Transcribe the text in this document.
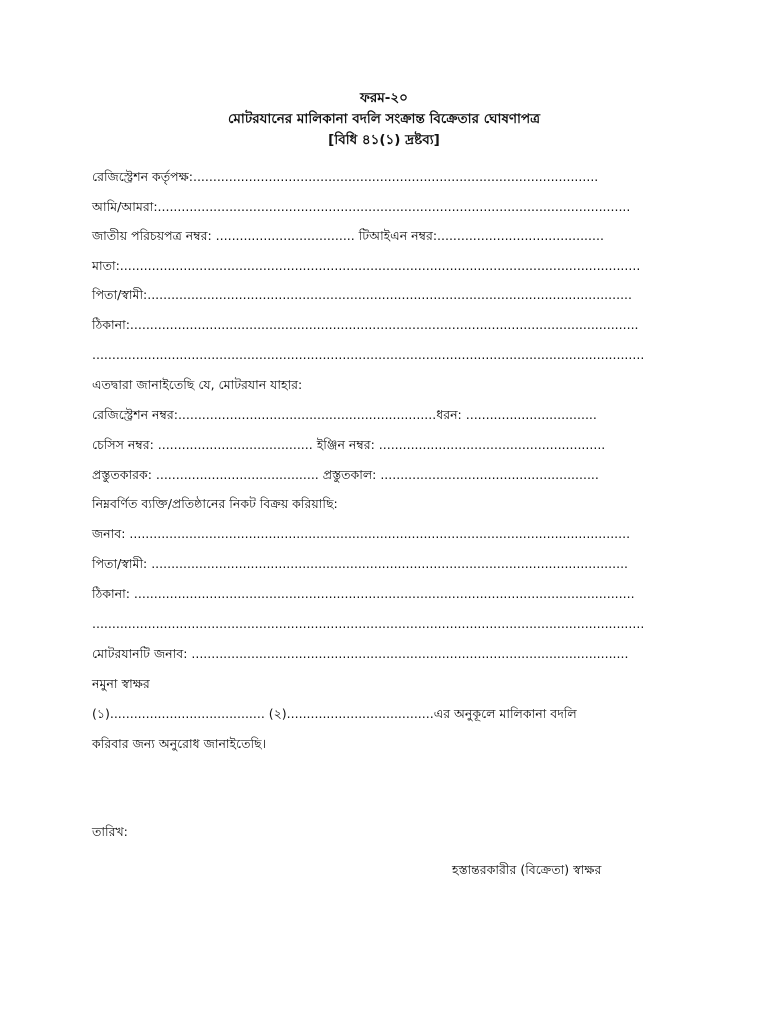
ফরম-২০
মোটরযানের মালিকানা বদলি সংক্রান্ত বিক্রেতার ঘোষণাপত্র
[বিধি ৪১(১) দ্রষ্টব্য]
রেজিস্ট্রেশন কর্তৃপক্ষ:......................................................................................................
আমি/আমরা:.......................................................................................................................
জাতীয় পরিচয়পত্র নম্বর: ................................... টিআইএন নম্বর:..........................................
মাতা:...................................................................................................................................
পিতা/স্বামী:..........................................................................................................................
ঠিকানা:................................................................................................................................
...........................................................................................................................................
এতদ্বারা জানাইতেছি যে, মোটরযান যাহার:
রেজিস্ট্রেশন নম্বর:.................................................................ধরন: .................................
চেসিস নম্বর: ....................................... ইঞ্জিন নম্বর: .........................................................
প্রস্তুতকারক: ......................................... প্রস্তুতকাল: .......................................................
নিম্নবর্ণিত ব্যক্তি/প্রতিষ্ঠানের নিকট বিক্রয় করিয়াছি:
জনাব: ..............................................................................................................................
পিতা/স্বামী: ........................................................................................................................
ঠিকানা: ..............................................................................................................................
...........................................................................................................................................
মোটরযানটি জনাব: ..............................................................................................................
নমুনা স্বাক্ষর
(১)....................................... (২).....................................এর অনুকূলে মালিকানা বদলি
করিবার জন্য অনুরোধ জানাইতেছি।
তারিখ:
হস্তান্তরকারীর (বিক্রেতা) স্বাক্ষর
